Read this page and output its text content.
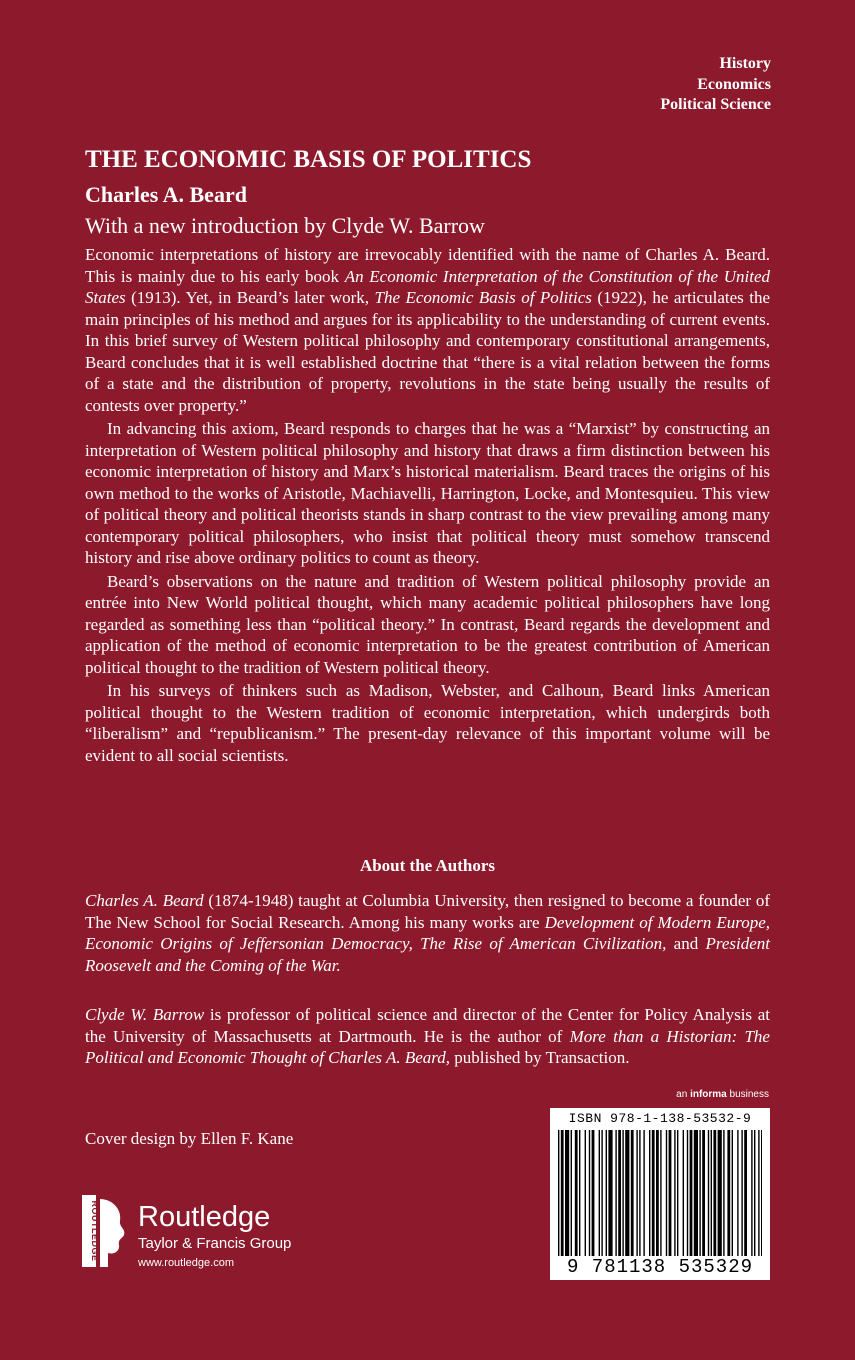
History
Economics
Political Science
THE ECONOMIC BASIS OF POLITICS
Charles A. Beard
With a new introduction by Clyde W. Barrow

Economic interpretations of history are irrevocably identified with the name of Charles A. Beard. This is mainly due to his early book An Economic Interpretation of the Constitution of the United States (1913). Yet, in Beard’s later work, The Economic Basis of Politics (1922), he articulates the main principles of his method and argues for its applicability to the understanding of current events. In this brief survey of Western political philosophy and contemporary constitutional arrangements, Beard concludes that it is well established doctrine that “there is a vital relation between the forms of a state and the distribution of property, revolutions in the state being usually the results of contests over property.”

In advancing this axiom, Beard responds to charges that he was a “Marxist” by constructing an interpretation of Western political philosophy and history that draws a firm distinction between his economic interpretation of history and Marx’s historical materialism. Beard traces the origins of his own method to the works of Aristotle, Machiavelli, Harrington, Locke, and Montesquieu. This view of political theory and political theorists stands in sharp contrast to the view prevailing among many contemporary political philosophers, who insist that political theory must somehow transcend history and rise above ordinary politics to count as theory.

Beard’s observations on the nature and tradition of Western political philosophy provide an entrée into New World political thought, which many academic political philosophers have long regarded as something less than “political theory.” In contrast, Beard regards the development and application of the method of economic interpretation to be the greatest contribution of American political thought to the tradition of Western political theory.

In his surveys of thinkers such as Madison, Webster, and Calhoun, Beard links American political thought to the Western tradition of economic interpretation, which undergirds both “liberalism” and “republicanism.” The present-day relevance of this important volume will be evident to all social scientists.

About the Authors
Charles A. Beard (1874-1948) taught at Columbia University, then resigned to become a founder of The New School for Social Research. Among his many works are Development of Modern Europe, Economic Origins of Jeffersonian Democracy, The Rise of American Civilization, and President Roosevelt and the Coming of the War.
Clyde W. Barrow is professor of political science and director of the Center for Policy Analysis at the University of Massachusetts at Dartmouth. He is the author of More than a Historian: The Political and Economic Thought of Charles A. Beard, published by Transaction.
Cover design by Ellen F. Kane
an informa business
ISBN 978-1-138-53532-9
9 781138 535329
ROUTLEDGE Routledge
Taylor & Francis Group
www.routledge.com
